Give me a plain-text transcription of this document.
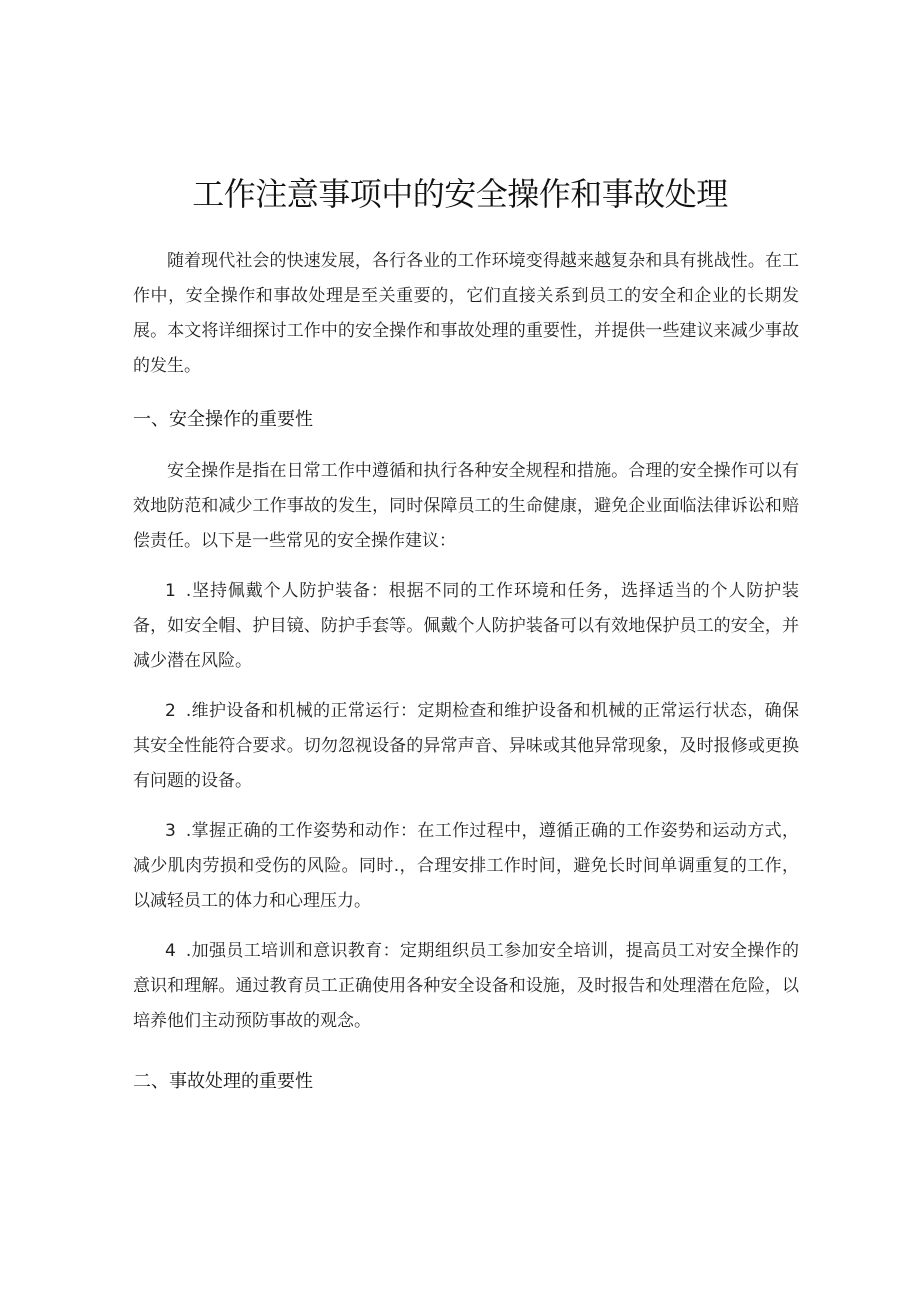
工作注意事项中的安全操作和事故处理

随着现代社会的快速发展，各行各业的工作环境变得越来越复杂和具有挑战性。在工作中，安全操作和事故处理是至关重要的，它们直接关系到员工的安全和企业的长期发展。本文将详细探讨工作中的安全操作和事故处理的重要性，并提供一些建议来减少事故的发生。

一、安全操作的重要性

安全操作是指在日常工作中遵循和执行各种安全规程和措施。合理的安全操作可以有效地防范和减少工作事故的发生，同时保障员工的生命健康，避免企业面临法律诉讼和赔偿责任。以下是一些常见的安全操作建议：

1 .坚持佩戴个人防护装备：根据不同的工作环境和任务，选择适当的个人防护装备，如安全帽、护目镜、防护手套等。佩戴个人防护装备可以有效地保护员工的安全，并减少潜在风险。

2 .维护设备和机械的正常运行：定期检查和维护设备和机械的正常运行状态，确保其安全性能符合要求。切勿忽视设备的异常声音、异味或其他异常现象，及时报修或更换有问题的设备。

3 .掌握正确的工作姿势和动作：在工作过程中，遵循正确的工作姿势和运动方式，减少肌肉劳损和受伤的风险。同时.，合理安排工作时间，避免长时间单调重复的工作，以减轻员工的体力和心理压力。

4 .加强员工培训和意识教育：定期组织员工参加安全培训，提高员工对安全操作的意识和理解。通过教育员工正确使用各种安全设备和设施，及时报告和处理潜在危险，以培养他们主动预防事故的观念。

二、事故处理的重要性
